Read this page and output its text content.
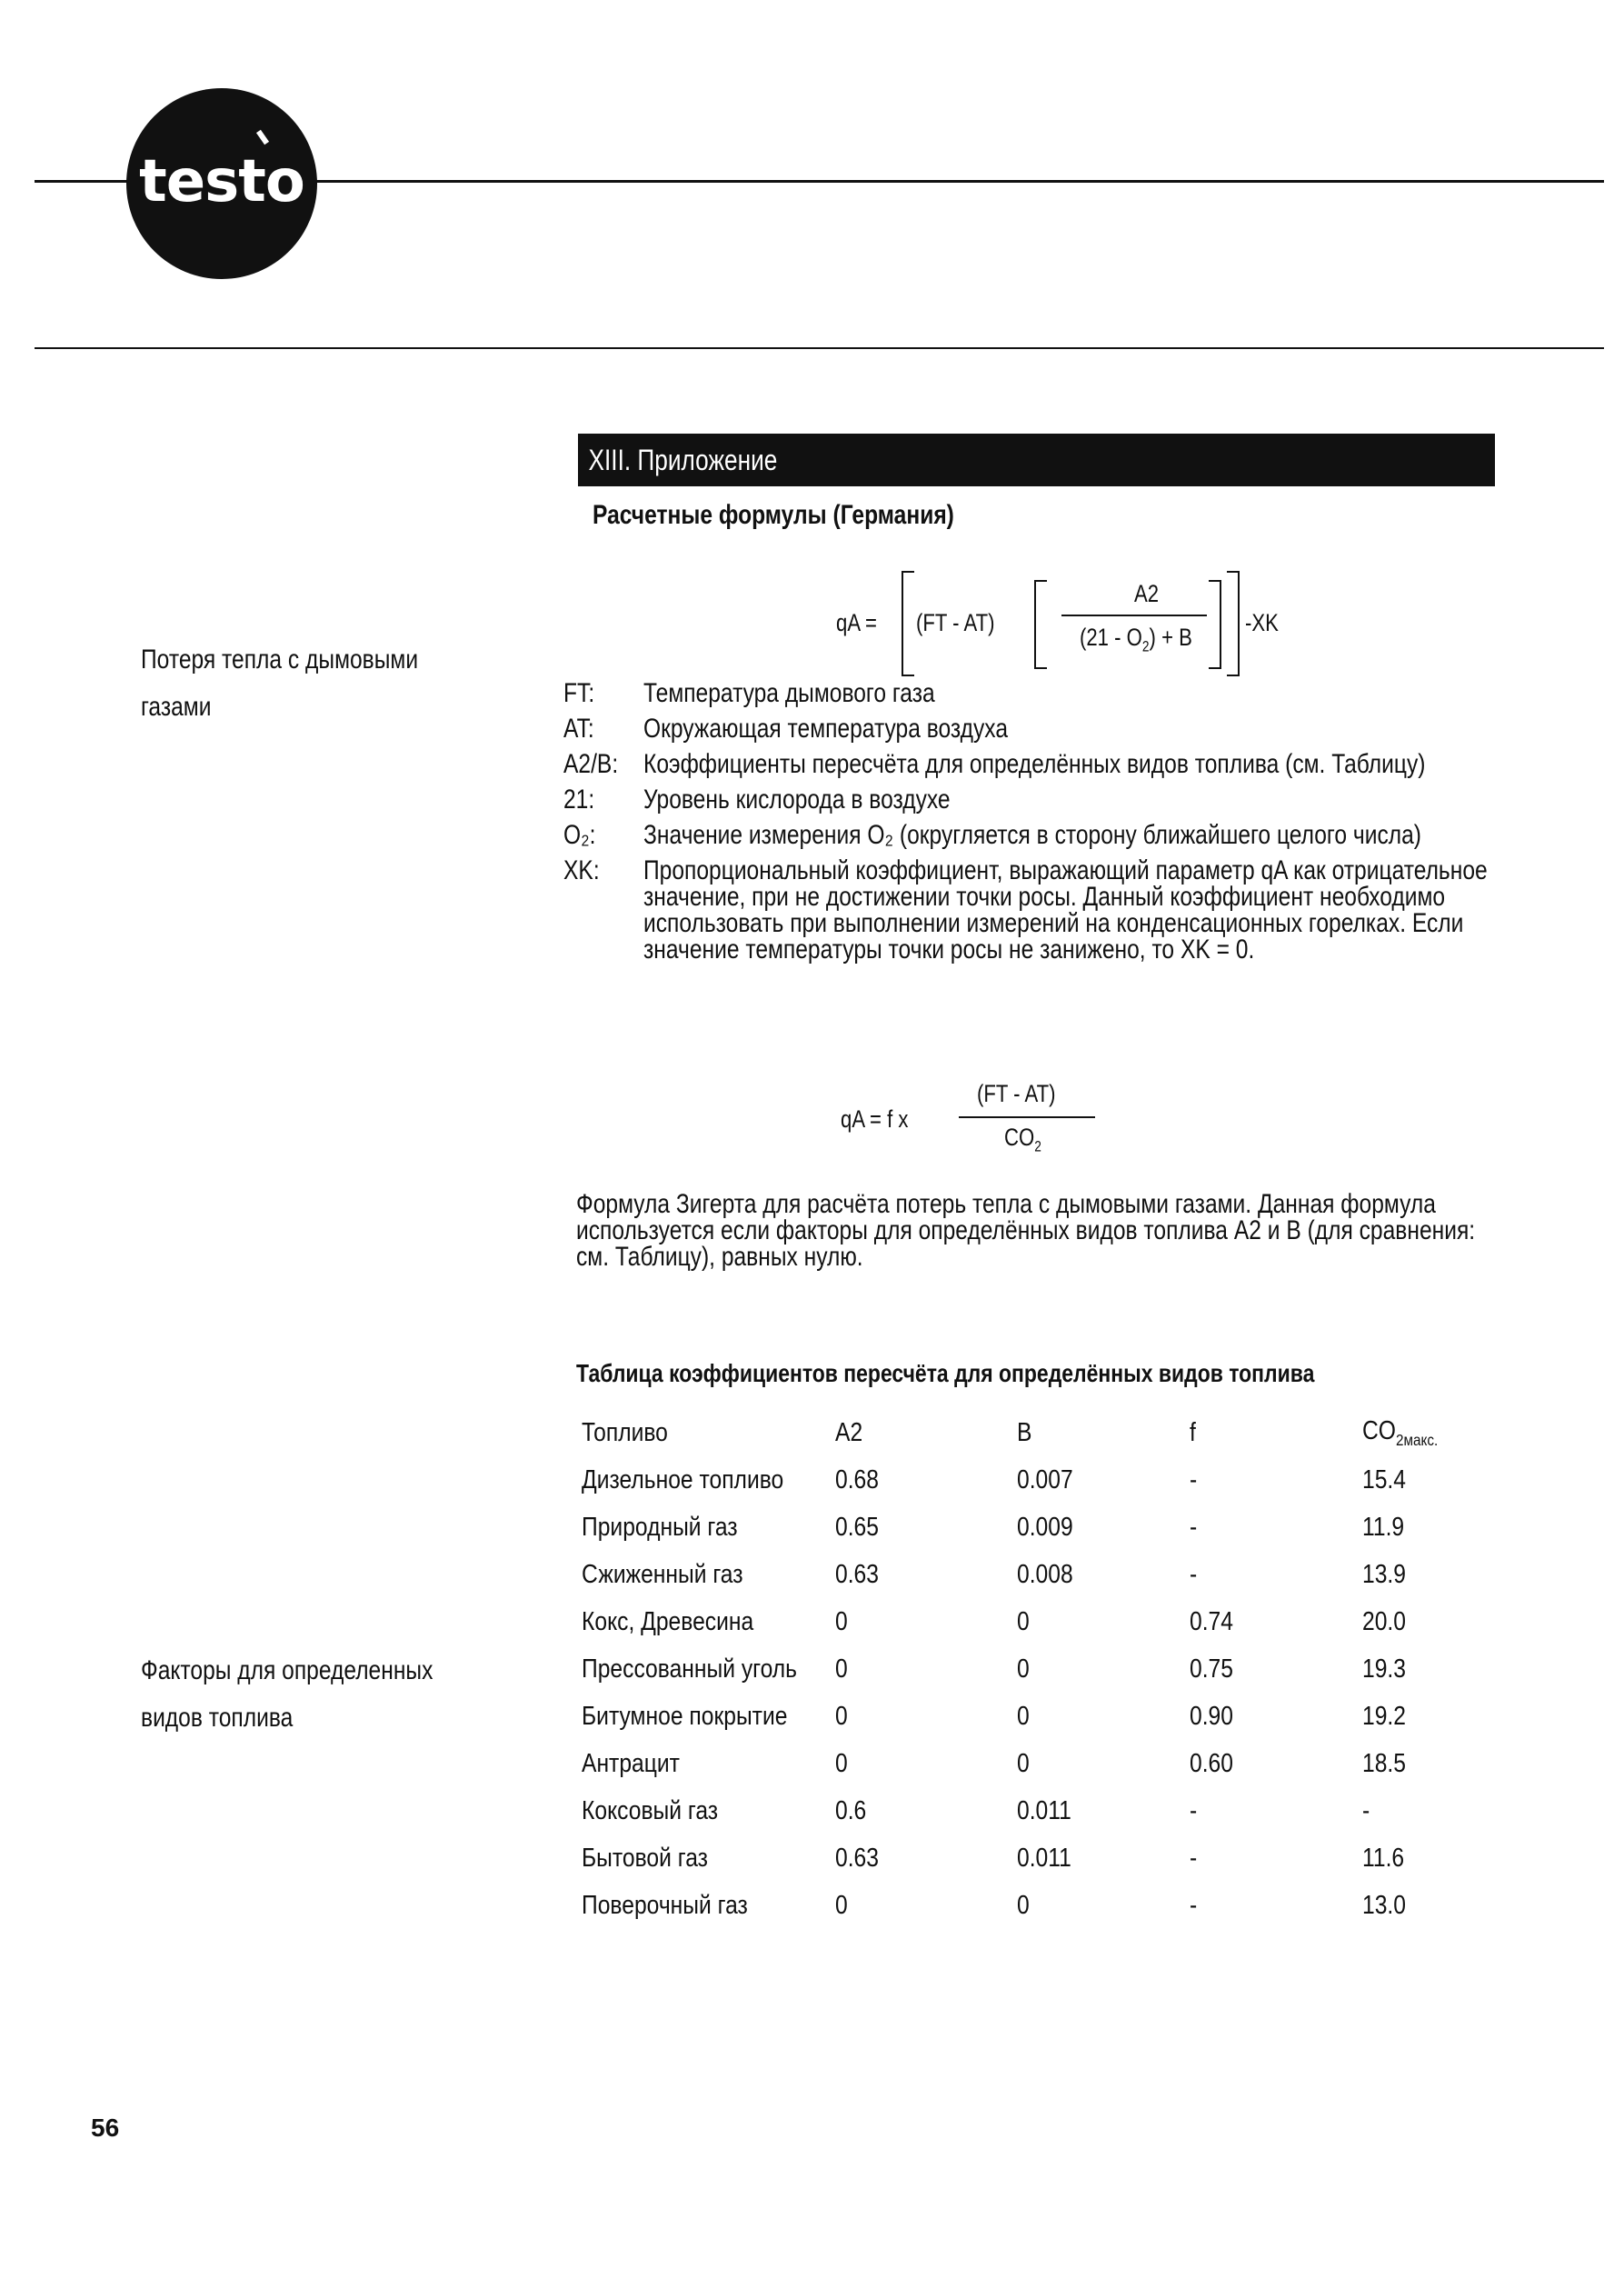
testo
XIII. Приложение
Расчетные формулы (Германия)
Потеря тепла с дымовыми
газами
Факторы для определенных
видов топлива
qA = (FT - AT)
A2
$(21 - O_2) + B$
-XK
FT:	Температура дымового газа
AT:	Окружающая температура воздуха
A2/B: Коэффициенты пересчёта для определённых видов топлива (см. Таблицу)
21:	Уровень кислорода в воздухе
O₂:	Значение измерения O₂ (округляется в сторону ближайшего целого числа)
XK:	Пропорциональный коэффициент, выражающий параметр qA как отрицательное значение, при не достижении точки росы. Данный коэффициент необходимо использовать при выполнении измерений на конденсационных горелках. Если значение температуры точки росы не занижено, то XK = 0.
qA = f x
(FT - AT)
$CO_2$
Формула Зигерта для расчёта потерь тепла с дымовыми газами. Данная формула используется если факторы для определённых видов топлива A2 и B (для сравнения: см. Таблицу), равных нулю.
Таблица коэффициентов пересчёта для определённых видов топлива
Топливо	A2	B	f	$CO_{2макс.}$
Дизельное топливо	0.68	0.007	-	15.4
Природный газ	0.65	0.009	-	11.9
Сжиженный газ	0.63	0.008	-	13.9
Кокс, Древесина	0	0	0.74	20.0
Прессованный уголь	0	0	0.75	19.3
Битумное покрытие	0	0	0.90	19.2
Антрацит	0	0	0.60	18.5
Коксовый газ	0.6	0.011	-	-
Бытовой газ	0.63	0.011	-	11.6
Поверочный газ	0	0	-	13.0
56
